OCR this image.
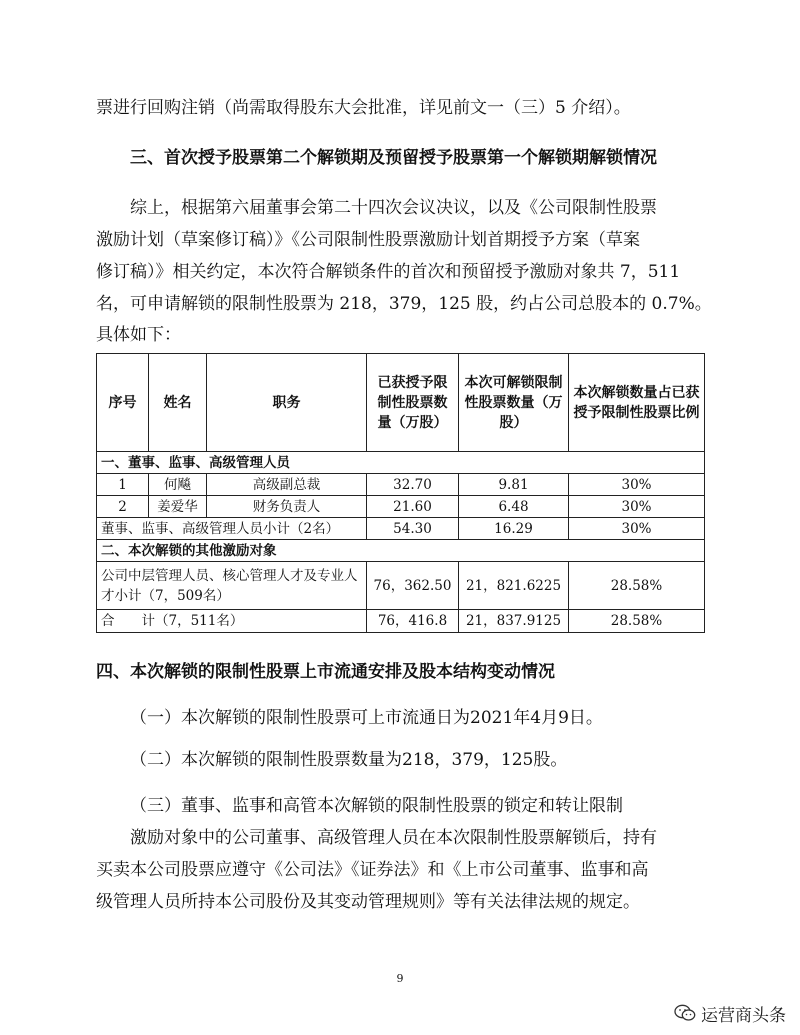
票进行回购注销（尚需取得股东大会批准，详见前文一（三）5 介绍）。
三、首次授予股票第二个解锁期及预留授予股票第一个解锁期解锁情况
综上，根据第六届董事会第二十四次会议决议，以及《公司限制性股票
激励计划（草案修订稿）》《公司限制性股票激励计划首期授予方案（草案
修订稿）》相关约定，本次符合解锁条件的首次和预留授予激励对象共 7，511
名，可申请解锁的限制性股票为 218，379，125 股，约占公司总股本的 0.7%。
具体如下：
序号	姓名	职务	已获授予限制性股票数量（万股）	本次可解锁限制性股票数量（万股）	本次解锁数量占已获授予限制性股票比例
一、董事、监事、高级管理人员					
1	何飚	高级副总裁	32.70	9.81	30%
2	姜爱华	财务负责人	21.60	6.48	30%
董事、监事、高级管理人员小计（2名）			54.30	16.29	30%
二、本次解锁的其他激励对象					
公司中层管理人员、核心管理人才及专业人才小计（7，509名）			76，362.50	21，821.6225	28.58%
合　　计（7，511名）			76，416.8	21，837.9125	28.58%
四、本次解锁的限制性股票上市流通安排及股本结构变动情况
（一）本次解锁的限制性股票可上市流通日为2021年4月9日。
（二）本次解锁的限制性股票数量为218，379，125股。
（三）董事、监事和高管本次解锁的限制性股票的锁定和转让限制
激励对象中的公司董事、高级管理人员在本次限制性股票解锁后，持有
买卖本公司股票应遵守《公司法》《证券法》和《上市公司董事、监事和高
级管理人员所持本公司股份及其变动管理规则》等有关法律法规的规定。
9
运营商头条
